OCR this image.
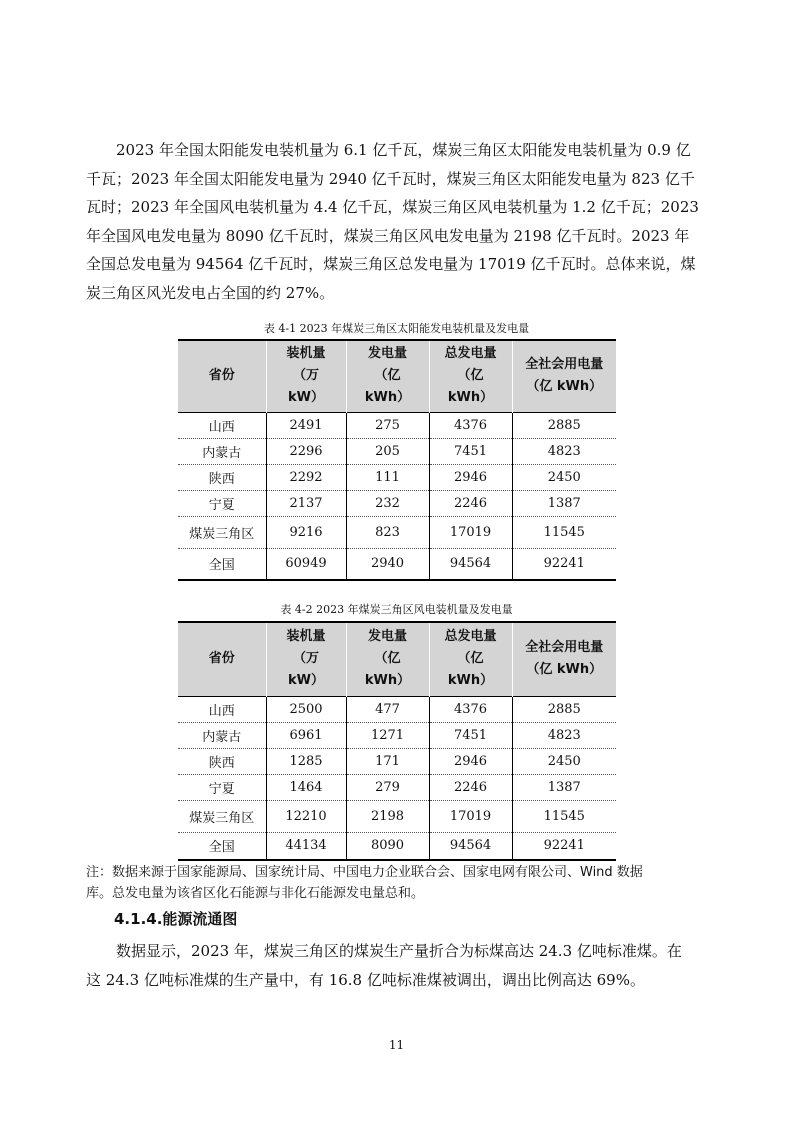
2023 年全国太阳能发电装机量为 6.1 亿千瓦，煤炭三角区太阳能发电装机量为 0.9 亿
千瓦；2023 年全国太阳能发电量为 2940 亿千瓦时，煤炭三角区太阳能发电量为 823 亿千
瓦时；2023 年全国风电装机量为 4.4 亿千瓦，煤炭三角区风电装机量为 1.2 亿千瓦；2023
年全国风电发电量为 8090 亿千瓦时，煤炭三角区风电发电量为 2198 亿千瓦时。2023 年
全国总发电量为 94564 亿千瓦时，煤炭三角区总发电量为 17019 亿千瓦时。总体来说，煤
炭三角区风光发电占全国的约 27%。

表 4-1 2023 年煤炭三角区太阳能发电装机量及发电量
省份	装机量
（万
kW）	发电量
（亿
kWh）	总发电量
（亿
kWh）	全社会用电量
（亿 kWh）
山西	2491	275	4376	2885
内蒙古	2296	205	7451	4823
陕西	2292	111	2946	2450
宁夏	2137	232	2246	1387
煤炭三角区	9216	823	17019	11545
全国	60949	2940	94564	92241
表 4-2 2023 年煤炭三角区风电装机量及发电量
省份	装机量
（万
kW）	发电量
（亿
kWh）	总发电量
（亿
kWh）	全社会用电量
（亿 kWh）
山西	2500	477	4376	2885
内蒙古	6961	1271	7451	4823
陕西	1285	171	2946	2450
宁夏	1464	279	2246	1387
煤炭三角区	12210	2198	17019	11545
全国	44134	8090	94564	92241
注：数据来源于国家能源局、国家统计局、中国电力企业联合会、国家电网有限公司、Wind 数据
库。总发电量为该省区化石能源与非化石能源发电量总和。
4.1.4.能源流通图

数据显示，2023 年，煤炭三角区的煤炭生产量折合为标煤高达 24.3 亿吨标准煤。在
这 24.3 亿吨标准煤的生产量中，有 16.8 亿吨标准煤被调出，调出比例高达 69%。

11
